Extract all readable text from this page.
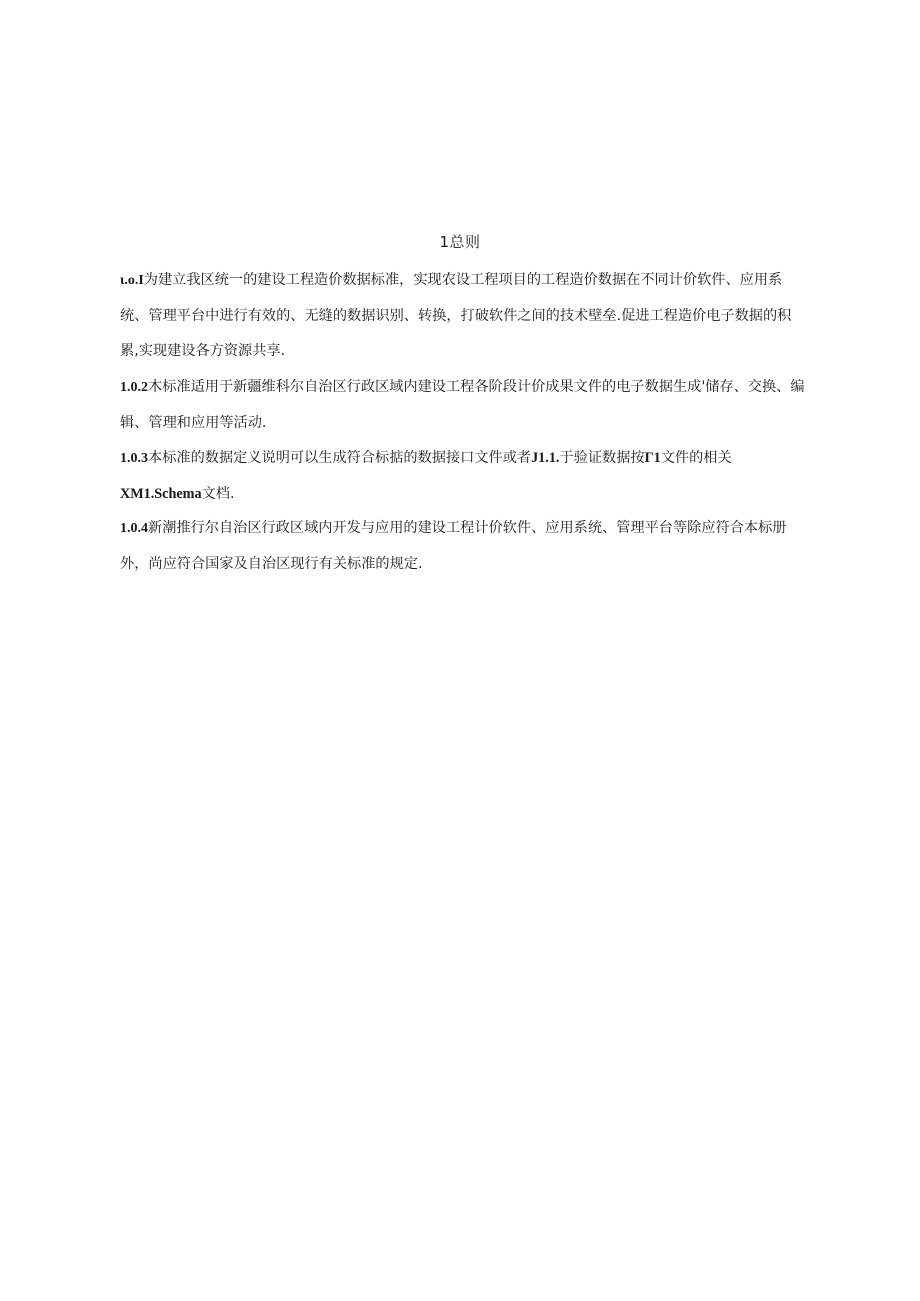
1总则
ι.o.I为建立我区统一的建设工程造价数据标准，实现农设工程项目的工程造价数据在不同计价软件、应用系统、管理平台中进行有效的、无缝的数据识别、转换，打破软件之间的技术壁垒.促进工程造价电子数据的积累,实现建设各方资源共享.
1.0.2木标准适用于新疆维科尔自治区行政区域内建设工程各阶段计价成果文件的电子数据生成'储存、交换、编辑、管理和应用等活动.
1.0.3本标准的数据定义说明可以生成符合标掂的数据接口文件或者J1.1.于验证数据按Γ1文件的相关
XM1.Schema文档.
1.0.4新潮推行尔自治区行政区域内开发与应用的建设工程计价软件、应用系统、管理平台等除应符合本标册外，尚应符合国家及自治区现行有关标准的规定.
